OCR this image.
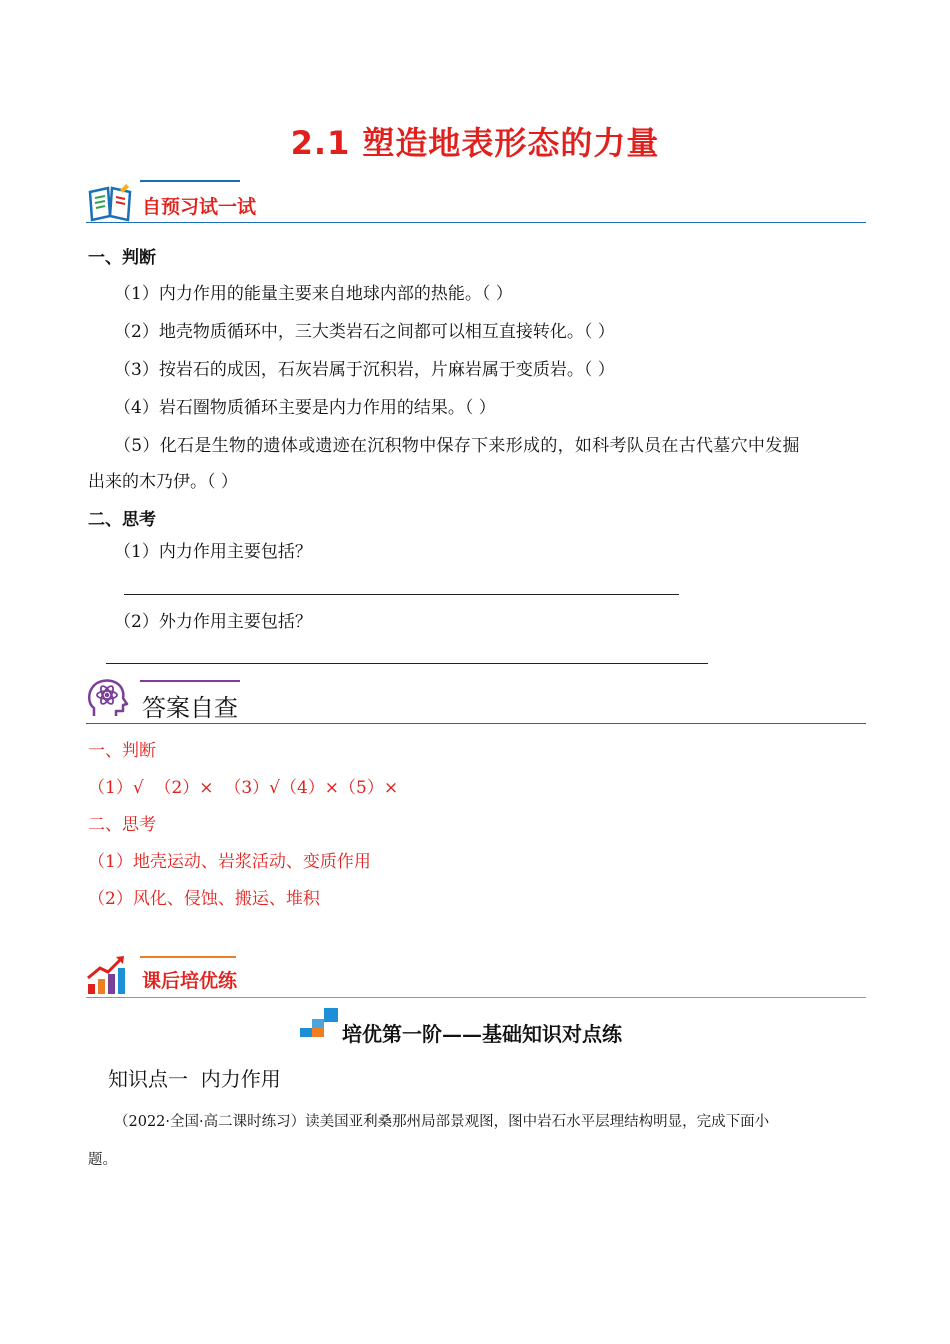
2.1 塑造地表形态的力量
自预习试一试
一、判断
（1）内力作用的能量主要来自地球内部的热能。（ ）
（2）地壳物质循环中，三大类岩石之间都可以相互直接转化。（ ）
（3）按岩石的成因，石灰岩属于沉积岩，片麻岩属于变质岩。（ ）
（4）岩石圈物质循环主要是内力作用的结果。（ ）
（5）化石是生物的遗体或遗迹在沉积物中保存下来形成的，如科考队员在古代墓穴中发掘
出来的木乃伊。（ ）
二、思考
（1）内力作用主要包括？
（2）外力作用主要包括？
答案自查
一、判断
（1）√  （2）×  （3）√（4）×（5）×
二、思考
（1）地壳运动、岩浆活动、变质作用
（2）风化、侵蚀、搬运、堆积
课后培优练
培优第一阶——基础知识对点练
知识点一  内力作用
（2022·全国·高二课时练习）读美国亚利桑那州局部景观图，图中岩石水平层理结构明显，完成下面小
题。
